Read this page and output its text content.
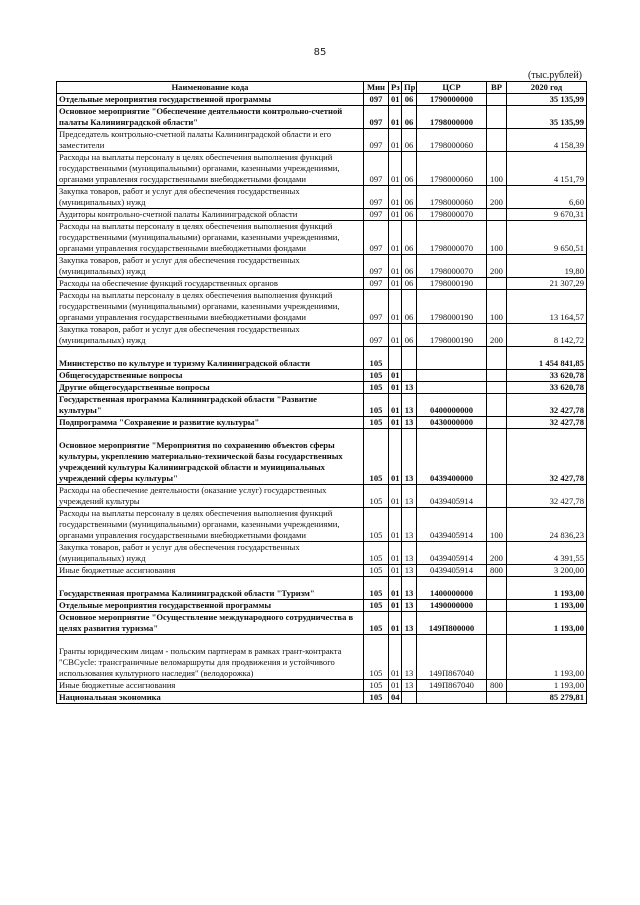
85
(тыс.рублей)
Наименование кода	Мин	Рз	Пр	ЦСР	ВР	2020 год
Отдельные мероприятия государственной программы	097	01	06	1790000000		35 135,99
Основное мероприятие "Обеспечение деятельности контрольно-счетной палаты Калининградской области"	097	01	06	1798000000		35 135,99
Председатель контрольно-счетной палаты Калининградской области и его заместители	097	01	06	1798000060		4 158,39
Расходы на выплаты персоналу в целях обеспечения выполнения функций государственными (муниципальными) органами, казенными учреждениями, органами управления государственными внебюджетными фондами	097	01	06	1798000060	100	4 151,79
Закупка товаров, работ и услуг для обеспечения государственных (муниципальных) нужд	097	01	06	1798000060	200	6,60
Аудиторы контрольно-счетной палаты Калининградской области	097	01	06	1798000070		9 670,31
Расходы на выплаты персоналу в целях обеспечения выполнения функций государственными (муниципальными) органами, казенными учреждениями, органами управления государственными внебюджетными фондами	097	01	06	1798000070	100	9 650,51
Закупка товаров, работ и услуг для обеспечения государственных (муниципальных) нужд	097	01	06	1798000070	200	19,80
Расходы на обеспечение функций государственных органов	097	01	06	1798000190		21 307,29
Расходы на выплаты персоналу в целях обеспечения выполнения функций государственными (муниципальными) органами, казенными учреждениями, органами управления государственными внебюджетными фондами	097	01	06	1798000190	100	13 164,57
Закупка товаров, работ и услуг для обеспечения государственных (муниципальных) нужд	097	01	06	1798000190	200	8 142,72
Министерство по культуре и туризму Калининградской области	105					1 454 841,85
Общегосударственные вопросы	105	01				33 620,78
Другие общегосударственные вопросы	105	01	13			33 620,78
Государственная программа Калининградской области "Развитие культуры"	105	01	13	0400000000		32 427,78
Подпрограмма "Сохранение и развитие культуры"	105	01	13	0430000000		32 427,78
Основное мероприятие "Мероприятия по сохранению объектов сферы культуры, укреплению материально-технической базы государственных учреждений культуры Калининградской области и муниципальных учреждений сферы культуры"	105	01	13	0439400000		32 427,78
Расходы на обеспечение деятельности (оказание услуг) государственных учреждений культуры	105	01	13	0439405914		32 427,78
Расходы на выплаты персоналу в целях обеспечения выполнения функций государственными (муниципальными) органами, казенными учреждениями, органами управления государственными внебюджетными фондами	105	01	13	0439405914	100	24 836,23
Закупка товаров, работ и услуг для обеспечения государственных (муниципальных) нужд	105	01	13	0439405914	200	4 391,55
Иные бюджетные ассигнования	105	01	13	0439405914	800	3 200,00
Государственная программа Калининградской области "Туризм"	105	01	13	1400000000		1 193,00
Отдельные мероприятия государственной программы	105	01	13	1490000000		1 193,00
Основное мероприятие "Осуществление международного сотрудничества в целях развития туризма"	105	01	13	149П800000		1 193,00
Гранты юридическим лицам - польским партнерам в рамках грант-контракта "CBCycle: трансграничные веломаршруты для продвижения и устойчивого использования культурного наследия" (велодорожка)	105	01	13	149П867040		1 193,00
Иные бюджетные ассигнования	105	01	13	149П867040	800	1 193,00
Национальная экономика	105	04				85 279,81
